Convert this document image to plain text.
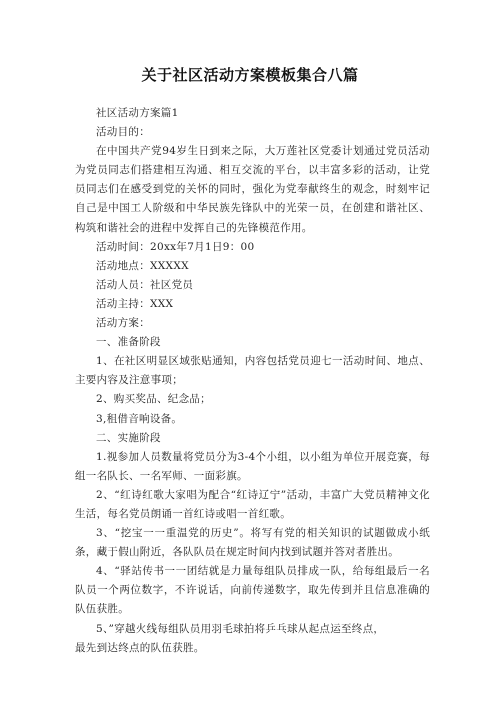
关于社区活动方案模板集合八篇

社区活动方案篇1

活动目的：

在中国共产党94岁生日到来之际，大万莲社区党委计划通过党员活动为党员同志们搭建相互沟通、相互交流的平台，以丰富多彩的活动，让党员同志们在感受到党的关怀的同时，强化为党奉献终生的观念，时刻牢记自己是中国工人阶级和中华民族先锋队中的光荣一员，在创建和谐社区、构筑和谐社会的进程中发挥自己的先锋模范作用。

活动时间：20xx年7月1日9：00

活动地点：XXXXX

活动人员：社区党员

活动主持：XXX

活动方案：

一、准备阶段

1、在社区明显区域张贴通知，内容包括党员迎七一活动时间、地点、主要内容及注意事项；

2、购买奖品、纪念品；

3,租借音响设备。

二、实施阶段

1.视参加人员数量将党员分为3-4个小组，以小组为单位开展竞赛，每组一名队长、一名军师、一面彩旗。

2、“红诗红歌大家唱为配合“红诗辽宁”活动，丰富广大党员精神文化生活，每名党员朗诵一首红诗或唱一首红歌。

3、“挖宝一一重温党的历史”。将写有党的相关知识的试题做成小纸条，藏于假山附近，各队队员在规定时间内找到试题并答对者胜出。

4、“驿站传书一一团结就是力量每组队员排成一队，给每组最后一名队员一个两位数字，不许说话，向前传递数字，取先传到并且信息准确的队伍获胜。

5、”穿越火线每组队员用羽毛球拍将乒乓球从起点运至终点，

最先到达终点的队伍获胜。
